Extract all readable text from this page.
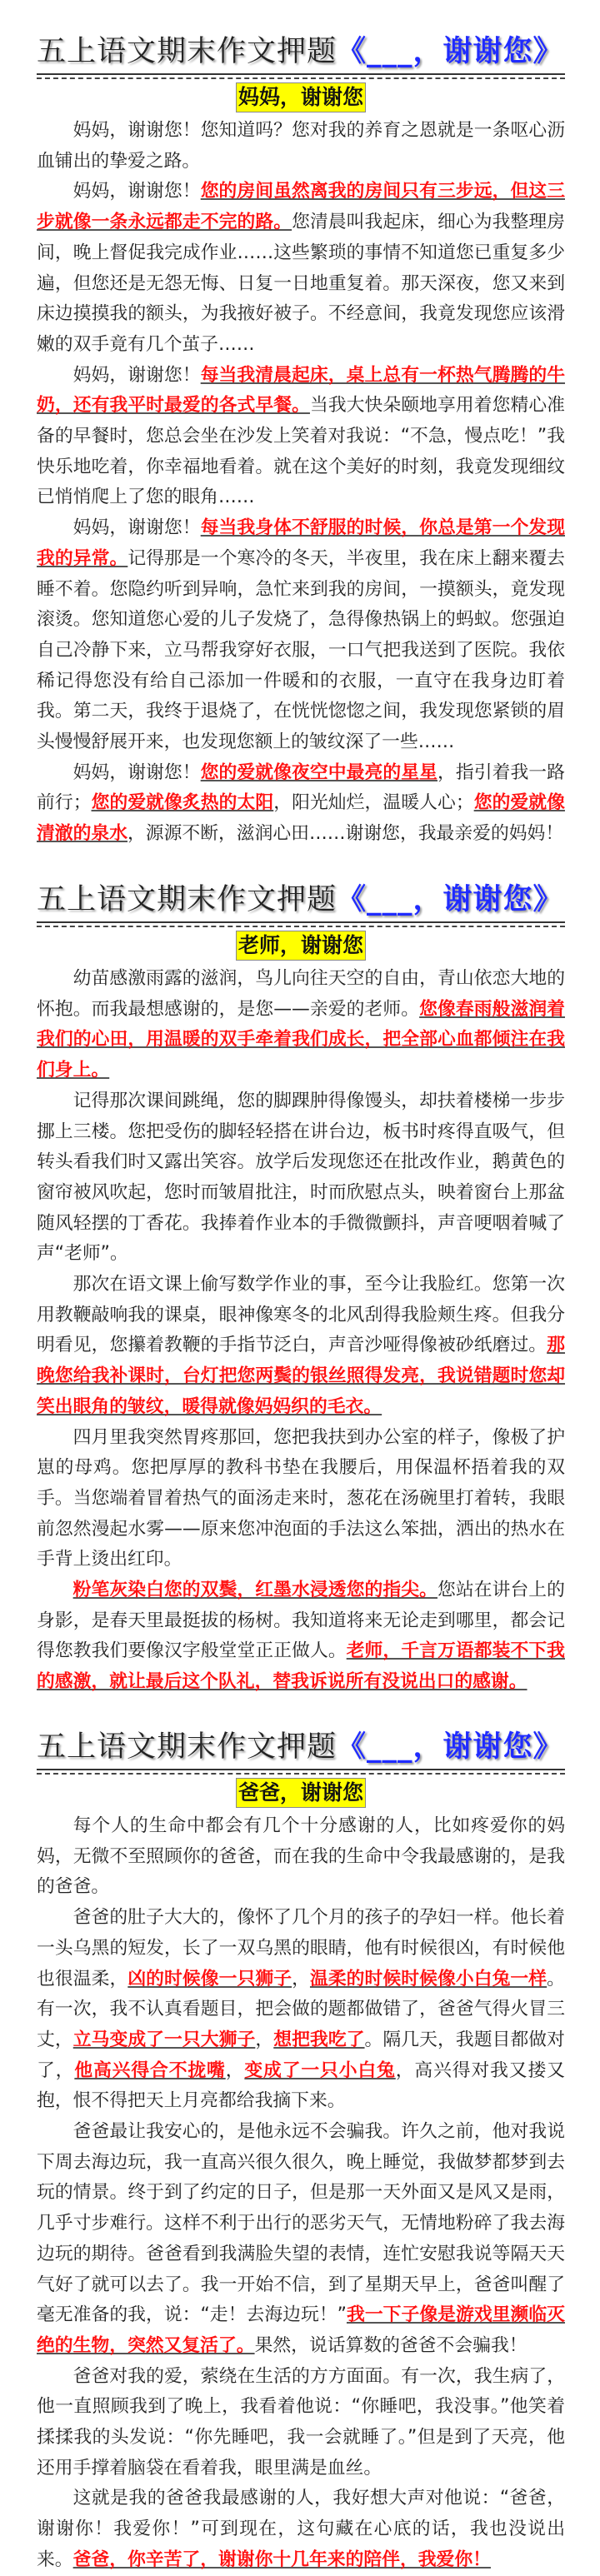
五上语文期末作文押题《___，谢谢您》
妈妈，谢谢您

妈妈，谢谢您！您知道吗？您对我的养育之恩就是一条呕心沥血铺出的挚爱之路。

妈妈，谢谢您！您的房间虽然离我的房间只有三步远，但这三步就像一条永远都走不完的路。您清晨叫我起床，细心为我整理房间，晚上督促我完成作业……这些繁琐的事情不知道您已重复多少遍，但您还是无怨无悔、日复一日地重复着。那天深夜，您又来到床边摸摸我的额头，为我掖好被子。不经意间，我竟发现您应该滑嫩的双手竟有几个茧子……

妈妈，谢谢您！每当我清晨起床，桌上总有一杯热气腾腾的牛奶，还有我平时最爱的各式早餐。当我大快朵颐地享用着您精心准备的早餐时，您总会坐在沙发上笑着对我说：“不急，慢点吃！”我快乐地吃着，你幸福地看着。就在这个美好的时刻，我竟发现细纹已悄悄爬上了您的眼角……

妈妈，谢谢您！每当我身体不舒服的时候，你总是第一个发现我的异常。记得那是一个寒冷的冬天，半夜里，我在床上翻来覆去睡不着。您隐约听到异响，急忙来到我的房间，一摸额头，竟发现滚烫。您知道您心爱的儿子发烧了，急得像热锅上的蚂蚁。您强迫自己冷静下来，立马帮我穿好衣服，一口气把我送到了医院。我依稀记得您没有给自己添加一件暖和的衣服，一直守在我身边盯着我。第二天，我终于退烧了，在恍恍惚惚之间，我发现您紧锁的眉头慢慢舒展开来，也发现您额上的皱纹深了一些……

妈妈，谢谢您！您的爱就像夜空中最亮的星星，指引着我一路前行；您的爱就像炙热的太阳，阳光灿烂，温暖人心；您的爱就像清澈的泉水，源源不断，滋润心田……谢谢您，我最亲爱的妈妈！

五上语文期末作文押题《___，谢谢您》
老师，谢谢您

幼苗感激雨露的滋润，鸟儿向往天空的自由，青山依恋大地的怀抱。而我最想感谢的，是您——亲爱的老师。您像春雨般滋润着我们的心田，用温暖的双手牵着我们成长，把全部心血都倾注在我们身上。

记得那次课间跳绳，您的脚踝肿得像馒头，却扶着楼梯一步步挪上三楼。您把受伤的脚轻轻搭在讲台边，板书时疼得直吸气，但转头看我们时又露出笑容。放学后发现您还在批改作业，鹅黄色的窗帘被风吹起，您时而皱眉批注，时而欣慰点头，映着窗台上那盆随风轻摆的丁香花。我捧着作业本的手微微颤抖，声音哽咽着喊了声“老师”。

那次在语文课上偷写数学作业的事，至今让我脸红。您第一次用教鞭敲响我的课桌，眼神像寒冬的北风刮得我脸颊生疼。但我分明看见，您攥着教鞭的手指节泛白，声音沙哑得像被砂纸磨过。那晚您给我补课时，台灯把您两鬓的银丝照得发亮，我说错题时您却笑出眼角的皱纹，暖得就像妈妈织的毛衣。

四月里我突然胃疼那回，您把我扶到办公室的样子，像极了护崽的母鸡。您把厚厚的教科书垫在我腰后，用保温杯捂着我的双手。当您端着冒着热气的面汤走来时，葱花在汤碗里打着转，我眼前忽然漫起水雾——原来您冲泡面的手法这么笨拙，洒出的热水在手背上烫出红印。

粉笔灰染白您的双鬓，红墨水浸透您的指尖。您站在讲台上的身影，是春天里最挺拔的杨树。我知道将来无论走到哪里，都会记得您教我们要像汉字般堂堂正正做人。老师，千言万语都装不下我的感激，就让最后这个队礼，替我诉说所有没说出口的感谢。

五上语文期末作文押题《___，谢谢您》
爸爸，谢谢您

每个人的生命中都会有几个十分感谢的人，比如疼爱你的妈妈，无微不至照顾你的爸爸，而在我的生命中令我最感谢的，是我的爸爸。

爸爸的肚子大大的，像怀了几个月的孩子的孕妇一样。他长着一头乌黑的短发，长了一双乌黑的眼睛，他有时候很凶，有时候他也很温柔，凶的时候像一只狮子，温柔的时候时候像小白兔一样。有一次，我不认真看题目，把会做的题都做错了，爸爸气得火冒三丈，立马变成了一只大狮子，想把我吃了。隔几天，我题目都做对了，他高兴得合不拢嘴，变成了一只小白兔，高兴得对我又搂又抱，恨不得把天上月亮都给我摘下来。

爸爸最让我安心的，是他永远不会骗我。许久之前，他对我说下周去海边玩，我一直高兴很久很久，晚上睡觉，我做梦都梦到去玩的情景。终于到了约定的日子，但是那一天外面又是风又是雨，几乎寸步难行。这样不利于出行的恶劣天气，无情地粉碎了我去海边玩的期待。爸爸看到我满脸失望的表情，连忙安慰我说等隔天天气好了就可以去了。我一开始不信，到了星期天早上，爸爸叫醒了毫无准备的我，说：“走！去海边玩！”我一下子像是游戏里濒临灭绝的生物，突然又复活了。果然，说话算数的爸爸不会骗我！

爸爸对我的爱，萦绕在生活的方方面面。有一次，我生病了，他一直照顾我到了晚上，我看着他说：“你睡吧，我没事。”他笑着 揉揉我的头发说：“你先睡吧，我一会就睡了。”但是到了天亮，他还用手撑着脑袋在看着我，眼里满是血丝。

这就是我的爸爸我最感谢的人，我好想大声对他说：“爸爸，谢谢你！我爱你！”可到现在，这句藏在心底的话，我也没说出来。爸爸，你辛苦了，谢谢你十几年来的陪伴，我爱你！
